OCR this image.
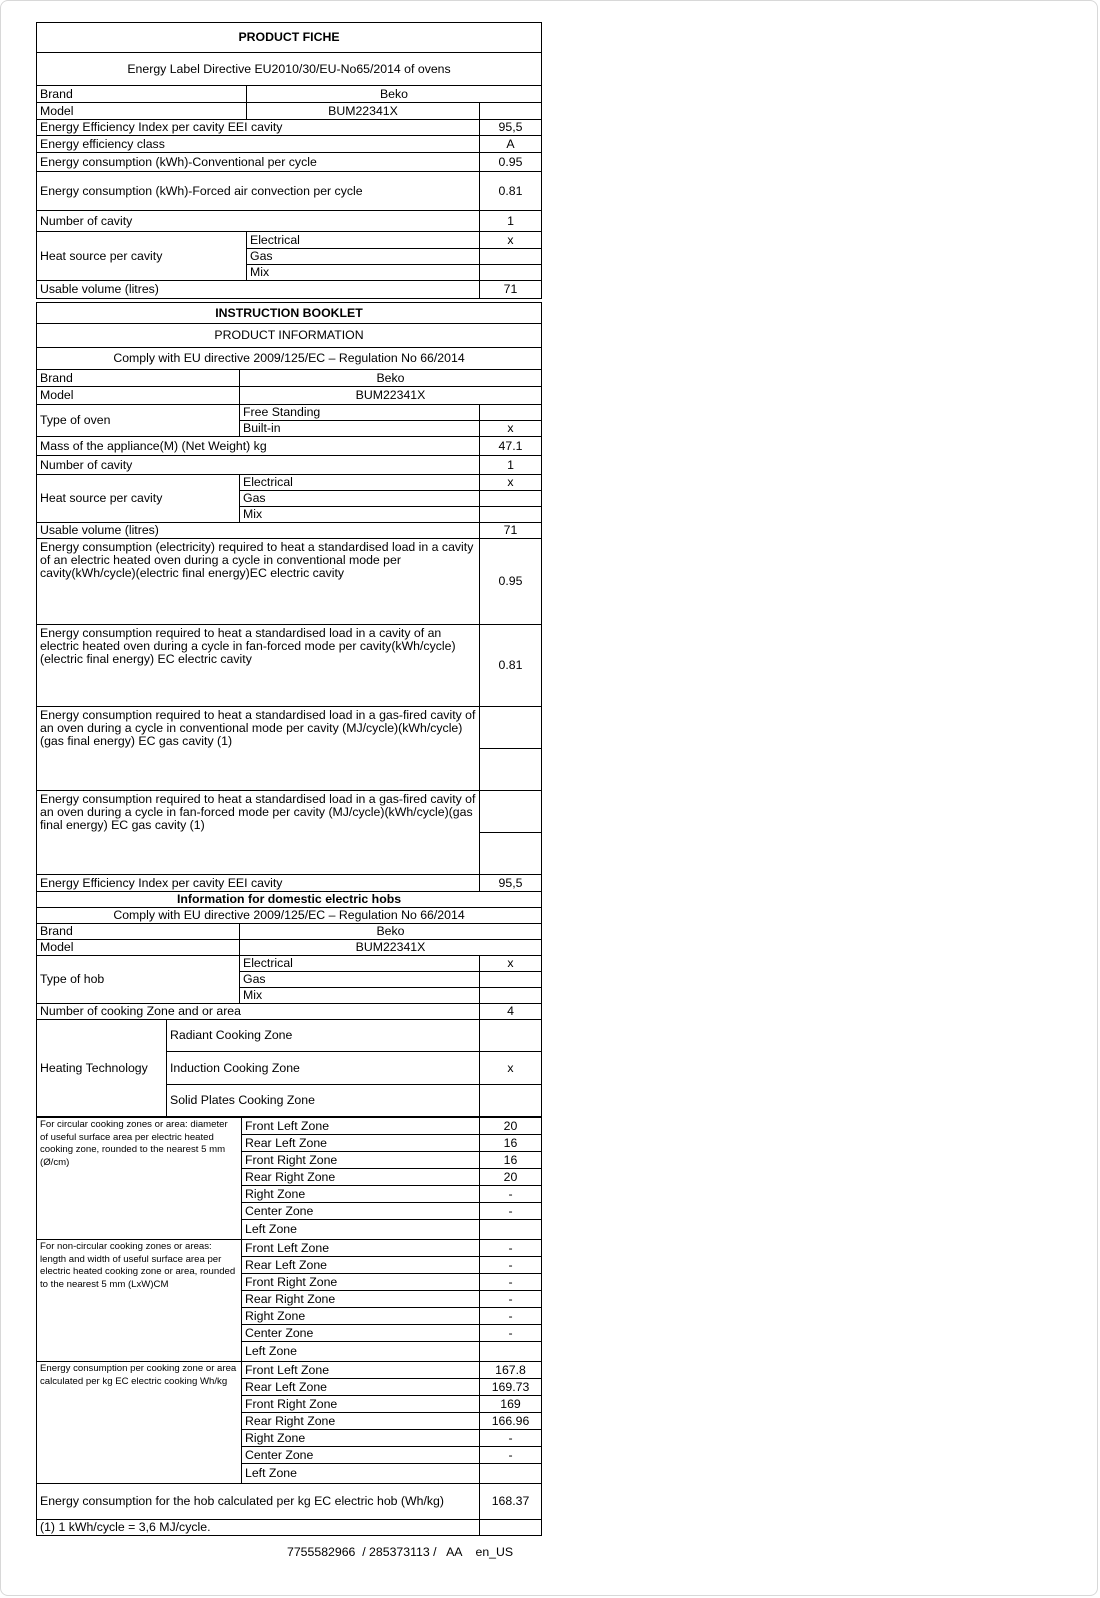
PRODUCT FICHE		
Energy Label Directive EU2010/30/EU-No65/2014 of ovens		
Brand	Beko	
Model	BUM22341X	
Energy Efficiency Index per cavity EEI cavity		95,5
Energy efficiency class		A
Energy consumption (kWh)-Conventional per cycle		0.95
Energy consumption (kWh)-Forced air convection per cycle		0.81
Number of cavity		1
Heat source per cavity	Electrical	x
	Gas	
	Mix	
Usable volume (litres)		71
INSTRUCTION BOOKLET			
PRODUCT INFORMATION			
Comply with EU directive 2009/125/EC – Regulation No 66/2014			
Brand		Beko	
Model		BUM22341X	
Type of oven		Free Standing	
		Built-in	x
Mass of the appliance(M) (Net Weight) kg			47.1
Number of cavity			1
Heat source per cavity		Electrical	x
		Gas	
		Mix	
Usable volume (litres)			71
Energy consumption (electricity) required to heat a standardised load in a cavity of an electric heated oven during a cycle in conventional mode per cavity(kWh/cycle)(electric final energy)EC electric cavity			0.95
Energy consumption required to heat a standardised load in a cavity of an electric heated oven during a cycle in fan-forced mode per cavity(kWh/cycle)(electric final energy) EC electric cavity			0.81
Energy consumption required to heat a standardised load in a gas-fired cavity of an oven during a cycle in conventional mode per cavity (MJ/cycle)(kWh/cycle)(gas final energy) EC gas cavity (1)			

Energy consumption required to heat a standardised load in a gas-fired cavity of an oven during a cycle in fan-forced mode per cavity (MJ/cycle)(kWh/cycle)(gas final energy) EC gas cavity (1)			

Energy Efficiency Index per cavity EEI cavity			95,5
Information for domestic electric hobs			
Comply with EU directive 2009/125/EC – Regulation No 66/2014			
Brand		Beko	
Model		BUM22341X	
Type of hob		Electrical	x
		Gas	
		Mix	
Number of cooking Zone and or area			4
Heating Technology	Radiant Cooking Zone		
	Induction Cooking Zone		x
	Solid Plates Cooking Zone		
For circular cooking zones or area: diameter of useful surface area per electric heated cooking zone, rounded to the nearest 5 mm (Ø/cm)	Front Left Zone	20
	Rear Left Zone	16
	Front Right Zone	16
	Rear Right Zone	20
	Right Zone	-
	Center Zone	-
	Left Zone	
For non-circular cooking zones or areas: length and width of useful surface area per electric heated cooking zone or area, rounded to the nearest 5 mm (LxW)CM	Front Left Zone	-
	Rear Left Zone	-
	Front Right Zone	-
	Rear Right Zone	-
	Right Zone	-
	Center Zone	-
	Left Zone	
Energy consumption per cooking zone or area calculated per kg EC electric cooking Wh/kg	Front Left Zone	167.8
	Rear Left Zone	169.73
	Front Right Zone	169
	Rear Right Zone	166.96
	Right Zone	-
	Center Zone	-
	Left Zone	
Energy consumption for the hob calculated per kg EC electric hob (Wh/kg)		168.37
(1) 1 kWh/cycle = 3,6 MJ/cycle.		
7755582966  / 285373113 /   AA    en_US
